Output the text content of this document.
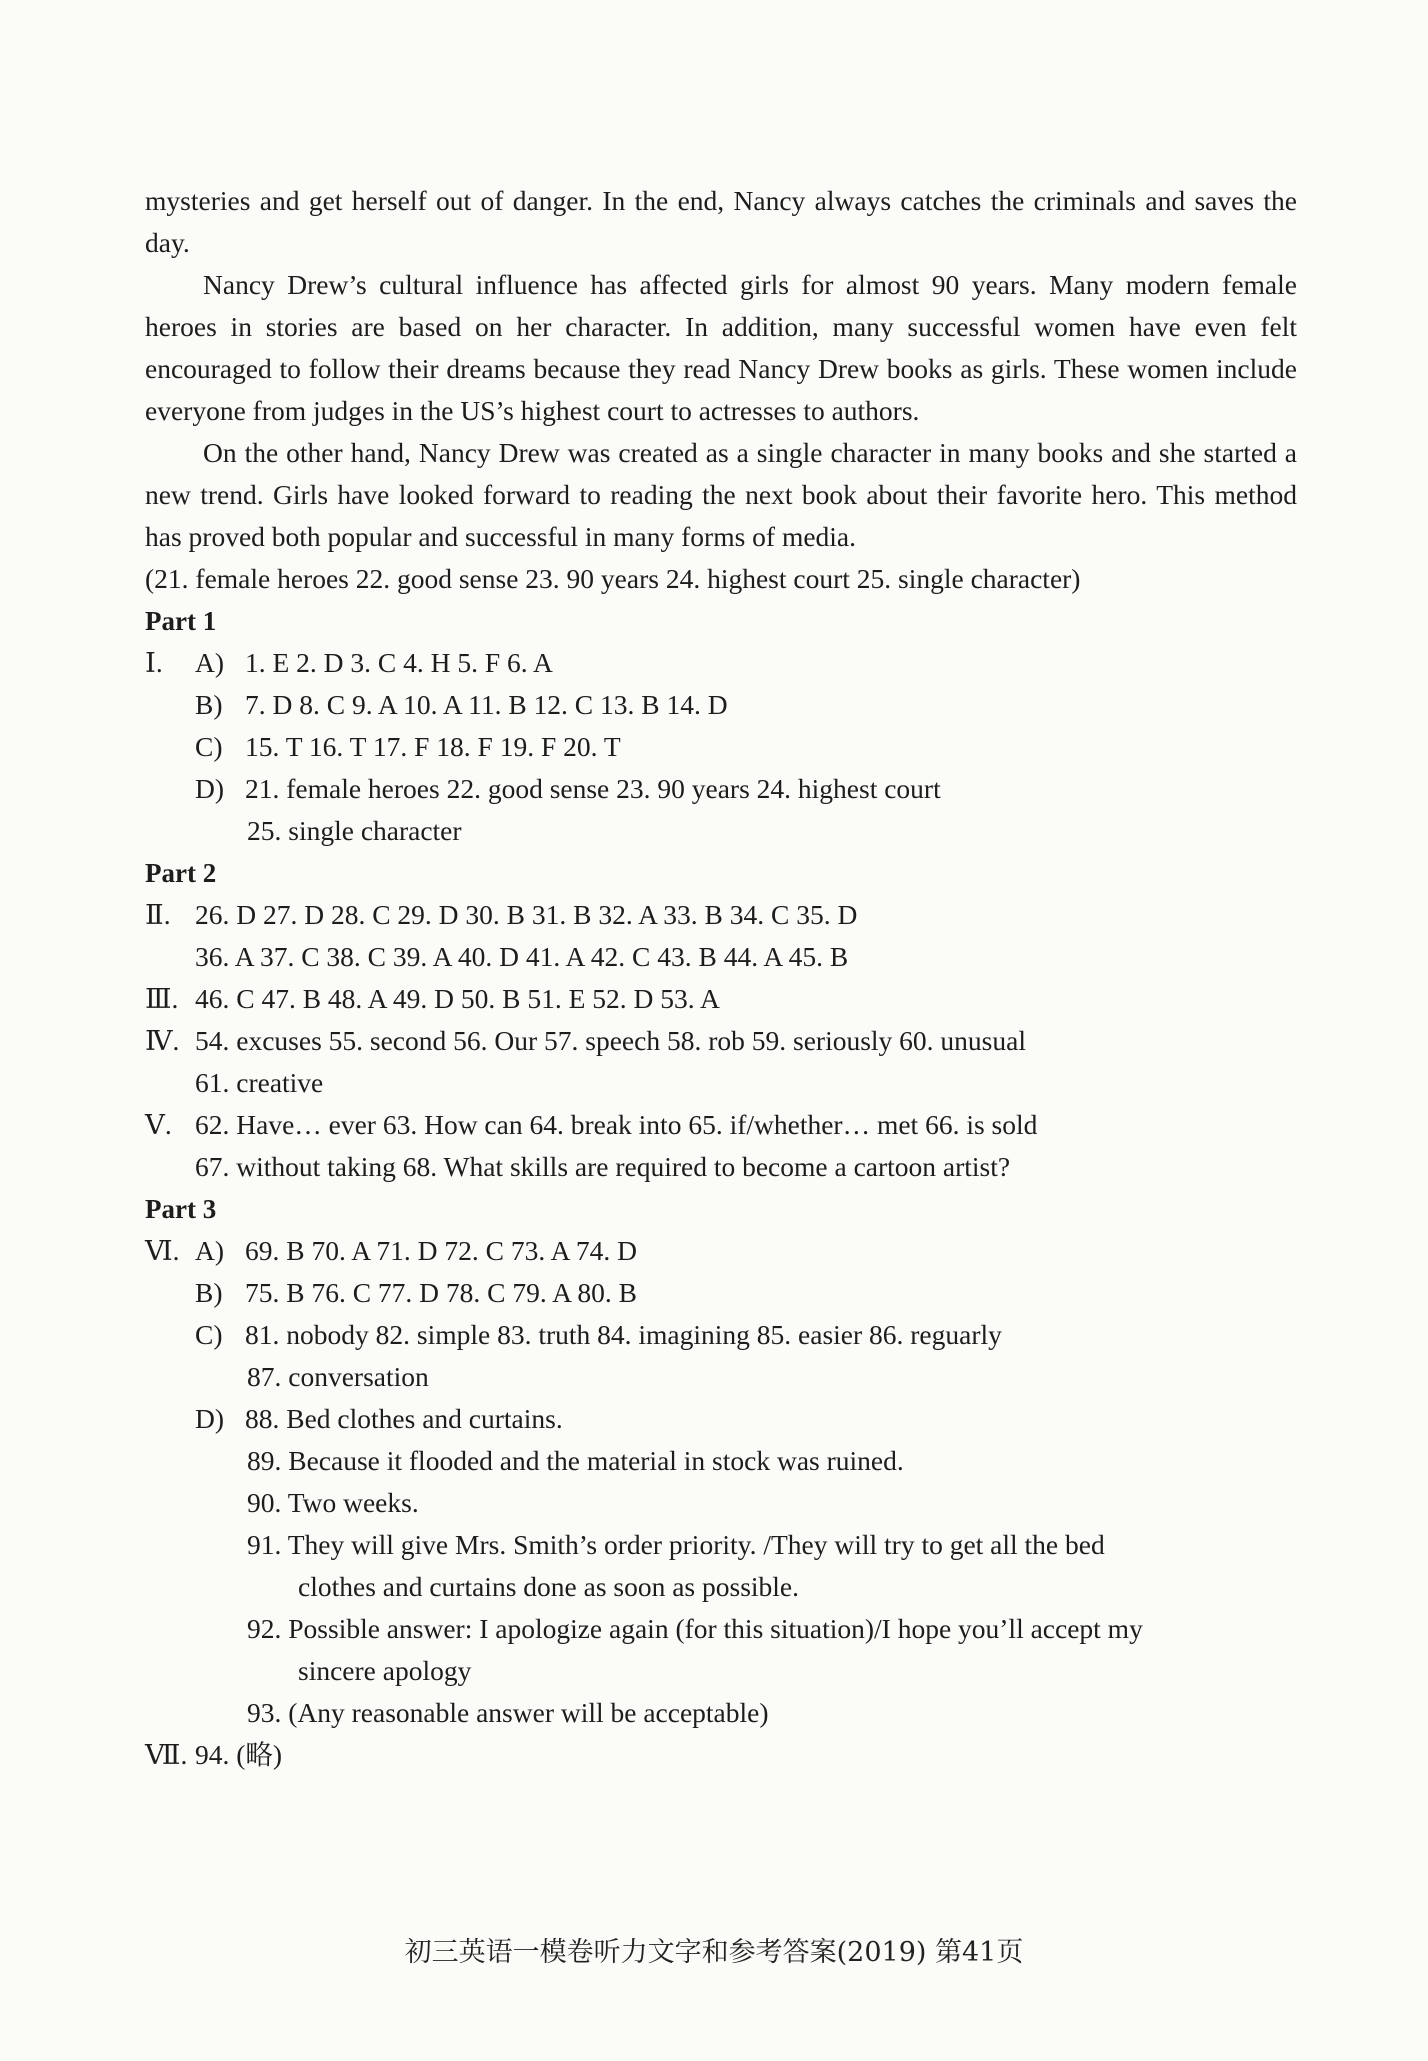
mysteries and get herself out of danger. In the end, Nancy always catches the criminals and saves the day.

Nancy Drew’s cultural influence has affected girls for almost 90 years. Many modern female heroes in stories are based on her character. In addition, many successful women have even felt encouraged to follow their dreams because they read Nancy Drew books as girls. These women include everyone from judges in the US’s highest court to actresses to authors.

On the other hand, Nancy Drew was created as a single character in many books and she started a new trend. Girls have looked forward to reading the next book about their favorite hero. This method has proved both popular and successful in many forms of media.

(21. female heroes 22. good sense 23. 90 years 24. highest court 25. single character)

Part 1

Ⅰ.	A) 1. E 2. D 3. C 4. H 5. F 6. A
B) 7. D 8. C 9. A 10. A 11. B 12. C 13. B 14. D
C) 15. T 16. T 17. F 18. F 19. F 20. T
D) 21. female heroes 22. good sense 23. 90 years 24. highest court
25. single character

Part 2

Ⅱ. 26. D 27. D 28. C 29. D 30. B 31. B 32. A 33. B 34. C 35. D
36. A 37. C 38. C 39. A 40. D 41. A 42. C 43. B 44. A 45. B
Ⅲ. 46. C 47. B 48. A 49. D 50. B 51. E 52. D 53. A
Ⅳ. 54. excuses 55. second 56. Our 57. speech 58. rob 59. seriously 60. unusual
61. creative
Ⅴ. 62. Have… ever 63. How can 64. break into 65. if/whether… met 66. is sold
67. without taking 68. What skills are required to become a cartoon artist?

Part 3

Ⅵ. A) 69. B 70. A 71. D 72. C 73. A 74. D
B) 75. B 76. C 77. D 78. C 79. A 80. B
C) 81. nobody 82. simple 83. truth 84. imagining 85. easier 86. reguarly
87. conversation
D) 88. Bed clothes and curtains.
89. Because it flooded and the material in stock was ruined.
90. Two weeks.
91. They will give Mrs. Smith’s order priority. /They will try to get all the bed
clothes and curtains done as soon as possible.
92. Possible answer: I apologize again (for this situation)/I hope you’ll accept my
sincere apology
93. (Any reasonable answer will be acceptable)
Ⅶ. 94. (略)
初三英语一模卷听力文字和参考答案(2019) 第41页
